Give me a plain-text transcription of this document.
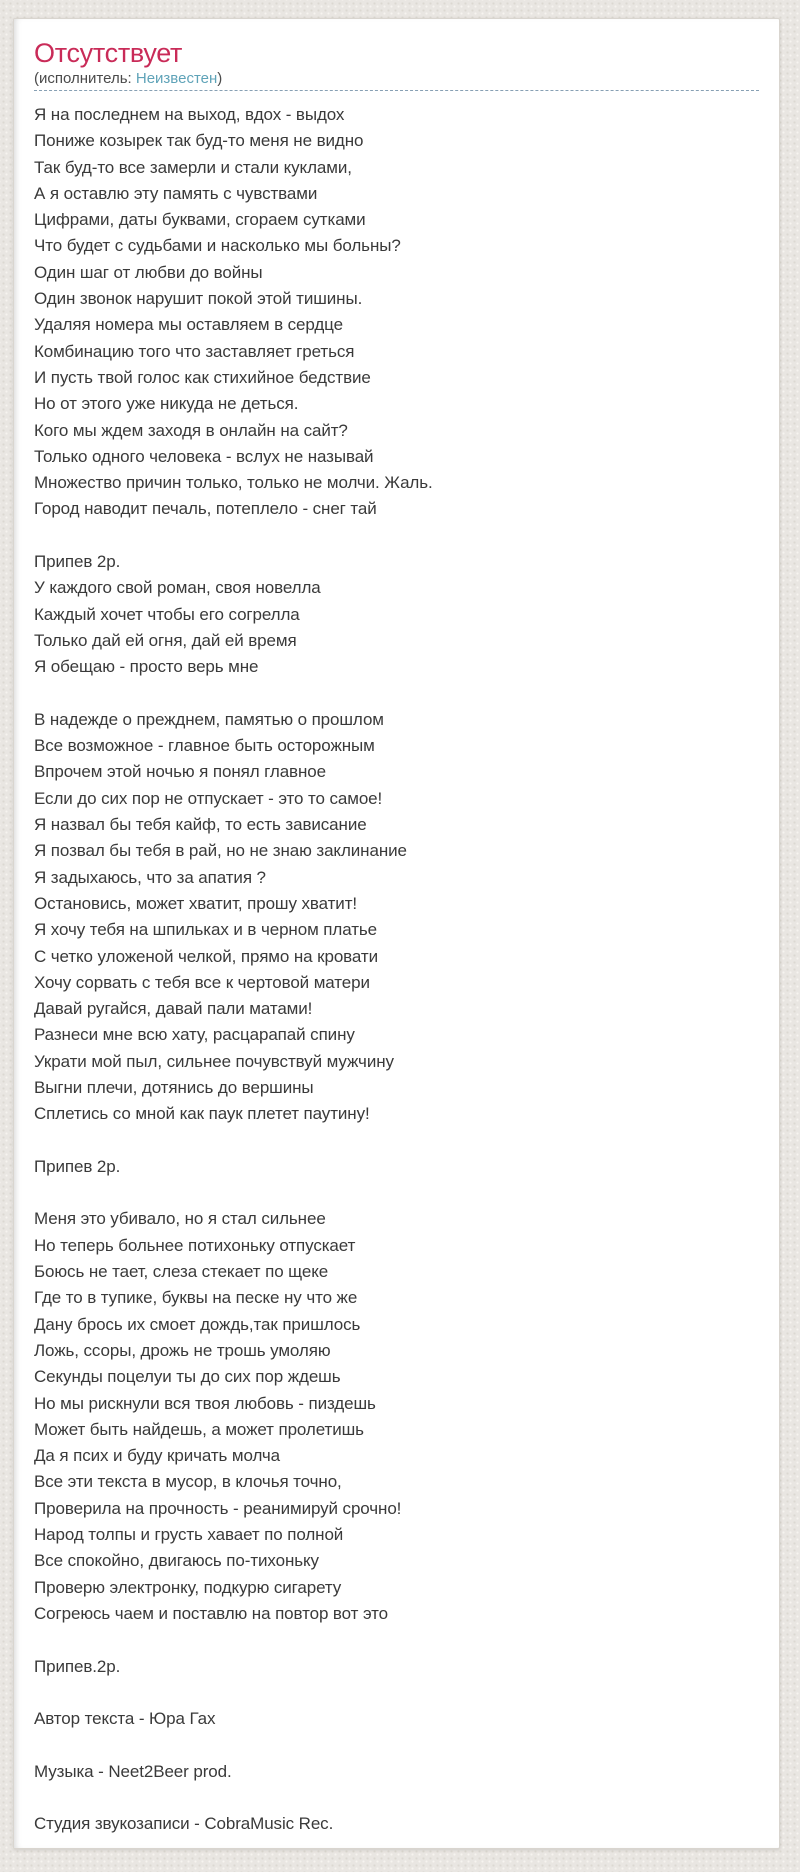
Отсутствует
(исполнитель: Неизвестен)
Я на последнем на выход, вдох - выдох
Пониже козырек так буд-то меня не видно
Так буд-то все замерли и стали куклами,
А я оставлю эту память с чувствами
Цифрами, даты буквами, сгораем сутками
Что будет с судьбами и насколько мы больны?
Один шаг от любви до войны
Один звонок нарушит покой этой тишины.
Удаляя номера мы оставляем в сердце
Комбинацию того что заставляет греться
И пусть твой голос как стихийное бедствие
Но от этого уже никуда не деться.
Кого мы ждем заходя в онлайн на сайт?
Только одного человека - вслух не называй
Множество причин только, только не молчи. Жаль.
Город наводит печаль, потеплело - снег тай

Припев 2р.
У каждого свой роман, своя новелла
Каждый хочет чтобы его согрелла
Только дай ей огня, дай ей время
Я обещаю - просто верь мне

В надежде о прежднем, памятью о прошлом
Все возможное - главное быть осторожным
Впрочем этой ночью я понял главное
Если до сих пор не отпускает - это то самое!
Я назвал бы тебя кайф, то есть зависание
Я позвал бы тебя в рай, но не знаю заклинание
Я задыхаюсь, что за апатия ?
Остановись, может хватит, прошу хватит!
Я хочу тебя на шпильках и в черном платье
С четко уложеной челкой, прямо на кровати
Хочу сорвать с тебя все к чертовой матери
Давай ругайся, давай пали матами!
Разнеси мне всю хату, расцарапай спину
Украти мой пыл, сильнее почувствуй мужчину
Выгни плечи, дотянись до вершины
Сплетись со мной как паук плетет паутину!

Припев 2р.

Меня это убивало, но я стал сильнее
Но теперь больнее потихоньку отпускает
Боюсь не тает, слеза стекает по щеке
Где то в тупике, буквы на песке ну что же
Дану брось их смоет дождь,так пришлось
Ложь, ссоры, дрожь не трошь умоляю
Секунды поцелуи ты до сих пор ждешь
Но мы рискнули вся твоя любовь - пиздешь
Может быть найдешь, а может пролетишь
Да я псих и буду кричать молча
Все эти текста в мусор, в клочья точно,
Проверила на прочность - реанимируй срочно!
Народ толпы и грусть хавает по полной
Все спокойно, двигаюсь по-тихоньку
Проверю электронку, подкурю сигарету
Согреюсь чаем и поставлю на повтор вот это

Припев.2р.

Автор текста - Юра Гах

Музыка - Neet2Beer prod.

Студия звукозаписи - CobraMusic Rec.
